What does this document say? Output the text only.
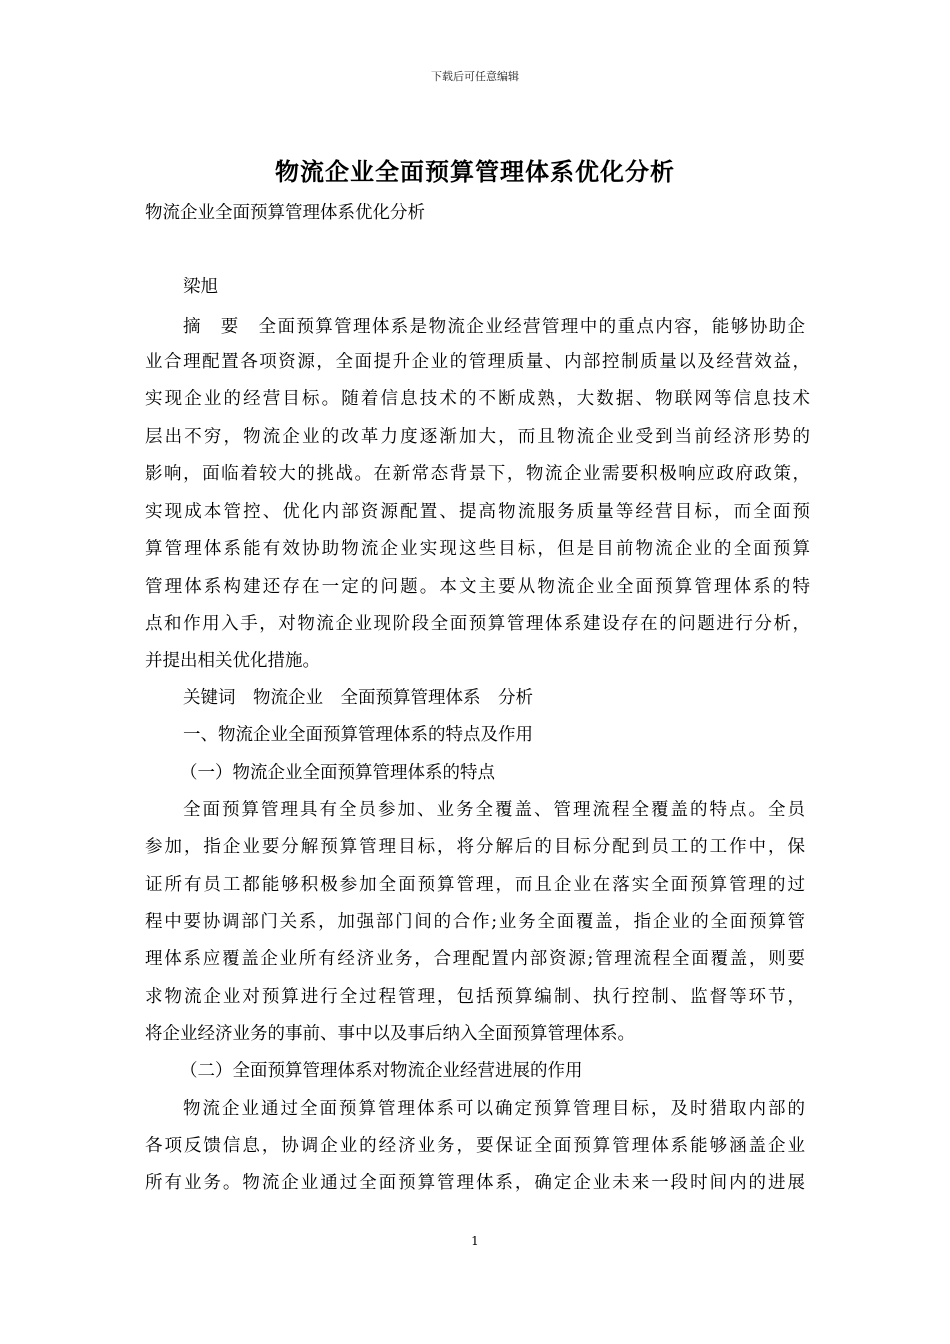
下载后可任意编辑
物流企业全面预算管理体系优化分析
物流企业全面预算管理体系优化分析
梁旭
摘　要　全面预算管理体系是物流企业经营管理中的重点内容，能够协助企
业合理配置各项资源，全面提升企业的管理质量、内部控制质量以及经营效益，
实现企业的经营目标。随着信息技术的不断成熟，大数据、物联网等信息技术
层出不穷，物流企业的改革力度逐渐加大，而且物流企业受到当前经济形势的
影响，面临着较大的挑战。在新常态背景下，物流企业需要积极响应政府政策，
实现成本管控、优化内部资源配置、提高物流服务质量等经营目标，而全面预
算管理体系能有效协助物流企业实现这些目标，但是目前物流企业的全面预算
管理体系构建还存在一定的问题。本文主要从物流企业全面预算管理体系的特
点和作用入手，对物流企业现阶段全面预算管理体系建设存在的问题进行分析，
并提出相关优化措施。
关键词　物流企业　全面预算管理体系　分析
一、物流企业全面预算管理体系的特点及作用
（一）物流企业全面预算管理体系的特点
全面预算管理具有全员参加、业务全覆盖、管理流程全覆盖的特点。全员
参加，指企业要分解预算管理目标，将分解后的目标分配到员工的工作中，保
证所有员工都能够积极参加全面预算管理，而且企业在落实全面预算管理的过
程中要协调部门关系，加强部门间的合作;业务全面覆盖，指企业的全面预算管
理体系应覆盖企业所有经济业务，合理配置内部资源;管理流程全面覆盖，则要
求物流企业对预算进行全过程管理，包括预算编制、执行控制、监督等环节，
将企业经济业务的事前、事中以及事后纳入全面预算管理体系。
（二）全面预算管理体系对物流企业经营进展的作用
物流企业通过全面预算管理体系可以确定预算管理目标，及时猎取内部的
各项反馈信息，协调企业的经济业务，要保证全面预算管理体系能够涵盖企业
所有业务。物流企业通过全面预算管理体系，确定企业未来一段时间内的进展
1
